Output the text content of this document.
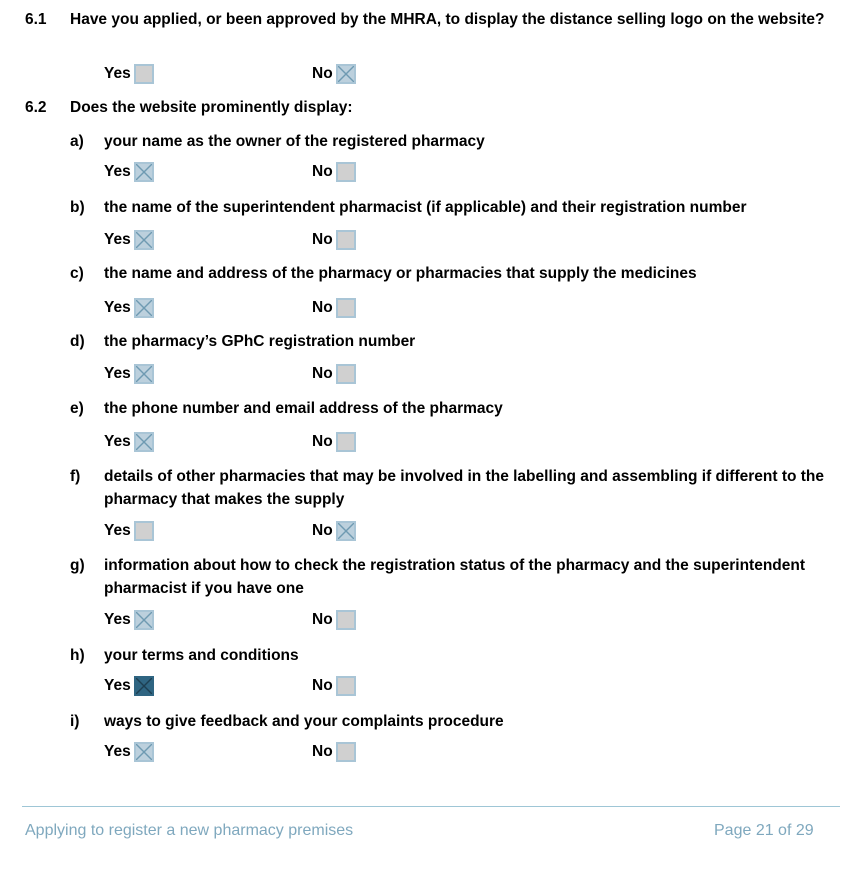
6.1 Have you applied, or been approved by the MHRA, to display the distance selling logo on the website?
Yes	No
6.2 Does the website prominently display:
a) your name as the owner of the registered pharmacy
Yes	No
b) the name of the superintendent pharmacist (if applicable) and their registration number
Yes	No
c) the name and address of the pharmacy or pharmacies that supply the medicines
Yes	No
d) the pharmacy’s GPhC registration number
Yes	No
e) the phone number and email address of the pharmacy
Yes	No
f) details of other pharmacies that may be involved in the labelling and assembling if different to the pharmacy that makes the supply
Yes	No
g) information about how to check the registration status of the pharmacy and the superintendent pharmacist if you have one
Yes	No
h) your terms and conditions
Yes	No
i) ways to give feedback and your complaints procedure
Yes	No
Applying to register a new pharmacy premises	Page 21 of 29
